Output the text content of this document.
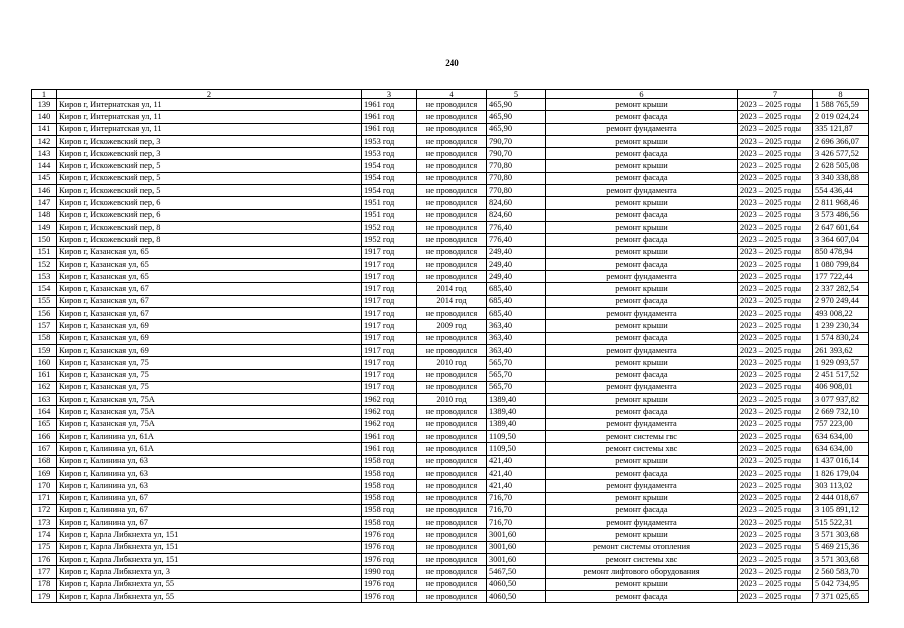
240
1	2	3	4	5	6	7	8
139	Киров г, Интернатская ул, 11	1961 год	не проводился	465,90	ремонт крыши	2023 – 2025 годы	1 588 765,59
140	Киров г, Интернатская ул, 11	1961 год	не проводился	465,90	ремонт фасада	2023 – 2025 годы	2 019 024,24
141	Киров г, Интернатская ул, 11	1961 год	не проводился	465,90	ремонт фундамента	2023 – 2025 годы	335 121,87
142	Киров г, Искожевский пер, 3	1953 год	не проводился	790,70	ремонт крыши	2023 – 2025 годы	2 696 366,07
143	Киров г, Искожевский пер, 3	1953 год	не проводился	790,70	ремонт фасада	2023 – 2025 годы	3 426 577,52
144	Киров г, Искожевский пер, 5	1954 год	не проводился	770,80	ремонт крыши	2023 – 2025 годы	2 628 505,08
145	Киров г, Искожевский пер, 5	1954 год	не проводился	770,80	ремонт фасада	2023 – 2025 годы	3 340 338,88
146	Киров г, Искожевский пер, 5	1954 год	не проводился	770,80	ремонт фундамента	2023 – 2025 годы	554 436,44
147	Киров г, Искожевский пер, 6	1951 год	не проводился	824,60	ремонт крыши	2023 – 2025 годы	2 811 968,46
148	Киров г, Искожевский пер, 6	1951 год	не проводился	824,60	ремонт фасада	2023 – 2025 годы	3 573 486,56
149	Киров г, Искожевский пер, 8	1952 год	не проводился	776,40	ремонт крыши	2023 – 2025 годы	2 647 601,64
150	Киров г, Искожевский пер, 8	1952 год	не проводился	776,40	ремонт фасада	2023 – 2025 годы	3 364 607,04
151	Киров г, Казанская ул, 65	1917 год	не проводился	249,40	ремонт крыши	2023 – 2025 годы	850 478,94
152	Киров г, Казанская ул, 65	1917 год	не проводился	249,40	ремонт фасада	2023 – 2025 годы	1 080 799,84
153	Киров г, Казанская ул, 65	1917 год	не проводился	249,40	ремонт фундамента	2023 – 2025 годы	177 722,44
154	Киров г, Казанская ул, 67	1917 год	2014 год	685,40	ремонт крыши	2023 – 2025 годы	2 337 282,54
155	Киров г, Казанская ул, 67	1917 год	2014 год	685,40	ремонт фасада	2023 – 2025 годы	2 970 249,44
156	Киров г, Казанская ул, 67	1917 год	не проводился	685,40	ремонт фундамента	2023 – 2025 годы	493 008,22
157	Киров г, Казанская ул, 69	1917 год	2009 год	363,40	ремонт крыши	2023 – 2025 годы	1 239 230,34
158	Киров г, Казанская ул, 69	1917 год	не проводился	363,40	ремонт фасада	2023 – 2025 годы	1 574 830,24
159	Киров г, Казанская ул, 69	1917 год	не проводился	363,40	ремонт фундамента	2023 – 2025 годы	261 393,62
160	Киров г, Казанская ул, 75	1917 год	2010 год	565,70	ремонт крыши	2023 – 2025 годы	1 929 093,57
161	Киров г, Казанская ул, 75	1917 год	не проводился	565,70	ремонт фасада	2023 – 2025 годы	2 451 517,52
162	Киров г, Казанская ул, 75	1917 год	не проводился	565,70	ремонт фундамента	2023 – 2025 годы	406 908,01
163	Киров г, Казанская ул, 75А	1962 год	2010 год	1389,40	ремонт крыши	2023 – 2025 годы	3 077 937,82
164	Киров г, Казанская ул, 75А	1962 год	не проводился	1389,40	ремонт фасада	2023 – 2025 годы	2 669 732,10
165	Киров г, Казанская ул, 75А	1962 год	не проводился	1389,40	ремонт фундамента	2023 – 2025 годы	757 223,00
166	Киров г, Калинина ул, 61А	1961 год	не проводился	1109,50	ремонт системы гвс	2023 – 2025 годы	634 634,00
167	Киров г, Калинина ул, 61А	1961 год	не проводился	1109,50	ремонт системы хвс	2023 – 2025 годы	634 634,00
168	Киров г, Калинина ул, 63	1958 год	не проводился	421,40	ремонт крыши	2023 – 2025 годы	1 437 016,14
169	Киров г, Калинина ул, 63	1958 год	не проводился	421,40	ремонт фасада	2023 – 2025 годы	1 826 179,04
170	Киров г, Калинина ул, 63	1958 год	не проводился	421,40	ремонт фундамента	2023 – 2025 годы	303 113,02
171	Киров г, Калинина ул, 67	1958 год	не проводился	716,70	ремонт крыши	2023 – 2025 годы	2 444 018,67
172	Киров г, Калинина ул, 67	1958 год	не проводился	716,70	ремонт фасада	2023 – 2025 годы	3 105 891,12
173	Киров г, Калинина ул, 67	1958 год	не проводился	716,70	ремонт фундамента	2023 – 2025 годы	515 522,31
174	Киров г, Карла Либкнехта ул, 151	1976 год	не проводился	3001,60	ремонт крыши	2023 – 2025 годы	3 571 303,68
175	Киров г, Карла Либкнехта ул, 151	1976 год	не проводился	3001,60	ремонт системы отопления	2023 – 2025 годы	5 469 215,36
176	Киров г, Карла Либкнехта ул, 151	1976 год	не проводился	3001,60	ремонт системы хвс	2023 – 2025 годы	3 571 303,68
177	Киров г, Карла Либкнехта ул, 3	1990 год	не проводился	5467,50	ремонт лифтового оборудования	2023 – 2025 годы	2 560 583,70
178	Киров г, Карла Либкнехта ул, 55	1976 год	не проводился	4060,50	ремонт крыши	2023 – 2025 годы	5 042 734,95
179	Киров г, Карла Либкнехта ул, 55	1976 год	не проводился	4060,50	ремонт фасада	2023 – 2025 годы	7 371 025,65
